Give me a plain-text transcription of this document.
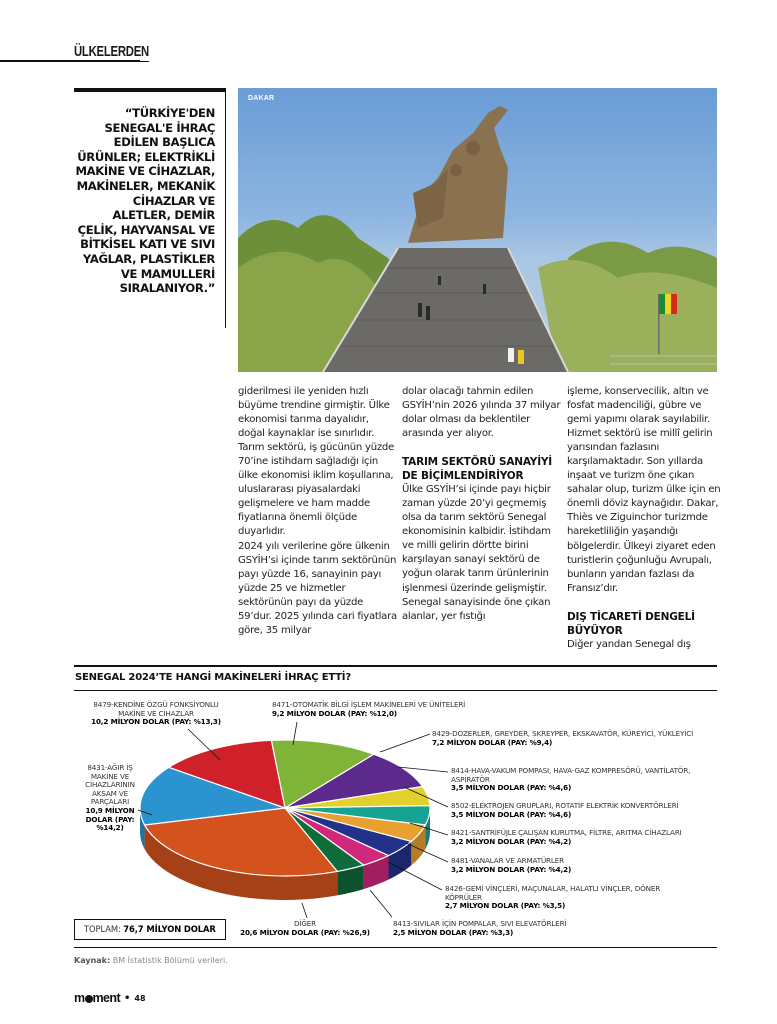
ÜLKELERDEN

“TÜRKİYE'DEN SENEGAL'E İHRAÇ EDİLEN BAŞLICA ÜRÜNLER; ELEKTRİKLİ MAKİNE VE CİHAZLAR, MAKİNELER, MEKANİK CİHAZLAR VE ALETLER, DEMİR ÇELİK, HAYVANSAL VE BİTKİSEL KATI VE SIVI YAĞLAR, PLASTİKLER VE MAMULLERİ SIRALANIYOR.”

DAKAR

giderilmesi ile yeniden hızlı büyüme trendine girmiştir. Ülke ekonomisi tarıma dayalıdır, doğal kaynaklar ise sınırlıdır. Tarım sektörü, iş gücünün yüzde 70’ine istihdam sağladığı için ülke ekonomisi iklim koşullarına, uluslararası piyasalardaki gelişmelere ve ham madde fiyatlarına önemli ölçüde duyarlıdır.

2024 yılı verilerine göre ülkenin GSYİH’si içinde tarım sektörünün payı yüzde 16, sanayinin payı yüzde 25 ve hizmetler sektörünün payı da yüzde 59’dur. 2025 yılında cari fiyatlara göre, 35 milyar

dolar olacağı tahmin edilen GSYİH’nin 2026 yılında 37 milyar dolar olması da beklentiler arasında yer alıyor.

TARIM SEKTÖRÜ SANAYİYİ DE BİÇİMLENDİRİYOR

Ülke GSYİH’si içinde payı hiçbir zaman yüzde 20’yi geçmemiş olsa da tarım sektörü Senegal ekonomisinin kalbidir. İstihdam ve milli gelirin dörtte birini karşılayan sanayi sektörü de yoğun olarak tarım ürünlerinin işlenmesi üzerinde gelişmiştir. Senegal sanayisinde öne çıkan alanlar, yer fıstığı

işleme, konservecilik, altın ve fosfat madenciliği, gübre ve gemi yapımı olarak sayılabilir. Hizmet sektörü ise millî gelirin yarısından fazlasını karşılamaktadır. Son yıllarda inşaat ve turizm öne çıkan sahalar olup, turizm ülke için en önemli döviz kaynağıdır. Dakar, Thiès ve Ziguinchor turizmde hareketliliğin yaşandığı bölgelerdir. Ülkeyi ziyaret eden turistlerin çoğunluğu Avrupalı, bunların yarıdan fazlası da Fransız’dır.

DIŞ TİCARETİ DENGELİ BÜYÜYOR

Diğer yandan Senegal dış

SENEGAL 2024’TE HANGİ MAKİNELERİ İHRAÇ ETTİ?
8479-KENDİNE ÖZGÜ FONKSİYONLU MAKİNE VE CİHAZLAR
10,2 MİLYON DOLAR (PAY: %13,3)
8471-OTOMATİK BİLGİ İŞLEM MAKİNELERİ VE ÜNİTELERİ
9,2 MİLYON DOLAR (PAY: %12,0)
8429-DOZERLER, GREYDER, SKREYPER, EKSKAVATÖR, KÜREYİCİ, YÜKLEYİCİ
7,2 MİLYON DOLAR (PAY: %9,4)
8414-HAVA-VAKUM POMPASI, HAVA-GAZ KOMPRESÖRÜ, VANTİLATÖR, ASPİRATÖR
3,5 MİLYON DOLAR (PAY: %4,6)
8502-ELEKTROJEN GRUPLARI, ROTATİF ELEKTRİK KONVERTÖRLERİ
3,5 MİLYON DOLAR (PAY: %4,6)
8421-SANTRİFÜJLE ÇALIŞAN KURUTMA, FİLTRE, ARITMA CİHAZLARI
3,2 MİLYON DOLAR (PAY: %4,2)
8481-VANALAR VE ARMATÜRLER
3,2 MİLYON DOLAR (PAY: %4,2)
8426-GEMİ VİNÇLERİ, MAÇUNALAR, HALATLI VİNÇLER, DÖNER KÖPRÜLER
2,7 MİLYON DOLAR (PAY: %3,5)
8413-SIVILAR İÇİN POMPALAR, SIVI ELEVATÖRLERİ
2,5 MİLYON DOLAR (PAY: %3,3)
DİĞER
20,6 MİLYON DOLAR (PAY: %26,9)
8431-AĞIR İŞ MAKİNE VE CİHAZLARININ AKSAM VE PARÇALARI
10,9 MİLYON DOLAR (PAY: %14,2)
TOPLAM: 76,7 MİLYON DOLAR
Kaynak: BM İstatistik Bölümü verileri.
m ment • 48
